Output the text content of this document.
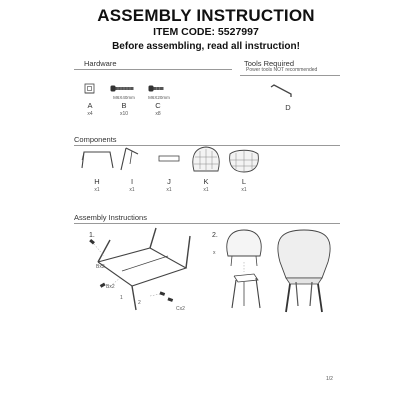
ASSEMBLY INSTRUCTION
ITEM CODE: 5527997
Before assembling, read all instruction!
Hardware	Tools Required
Power tools NOT recommended
A
x4
M6X40mm
B
x10
M6X20mm
C
x8
D
Components
H
x1
I
x1
J
x1
K
x1
L
x1
Assembly Instructions
1.	2.
Bx2
Bx2
Cx2
1
2
x
1/2
